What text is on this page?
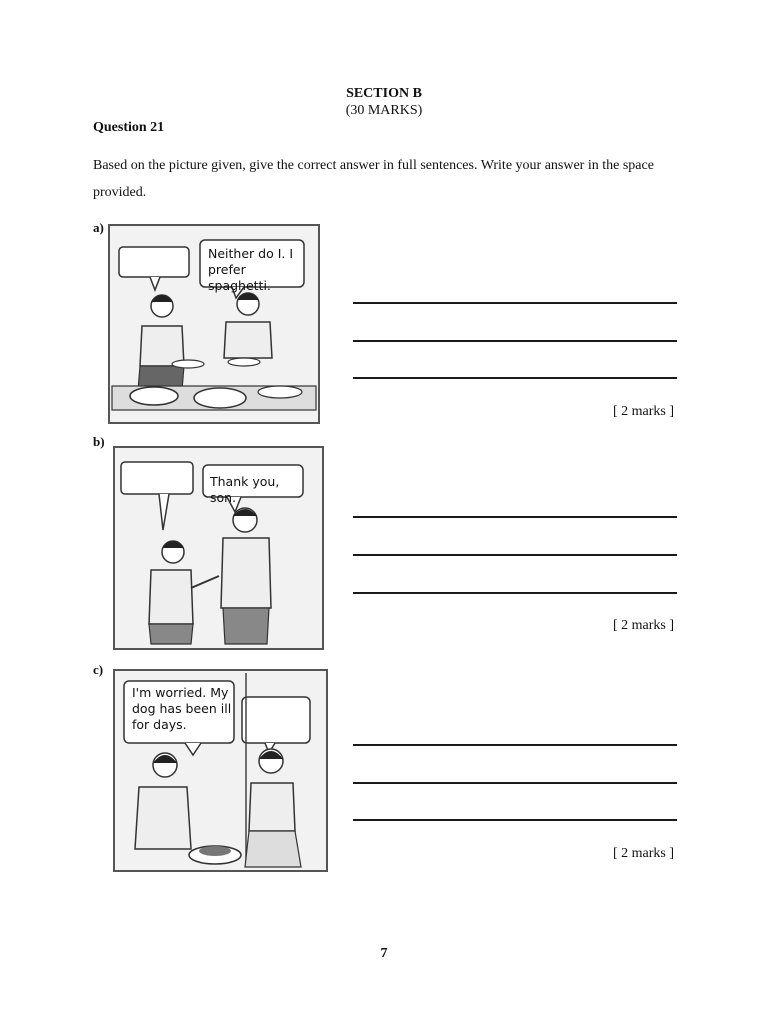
SECTION B
(30 MARKS)
Question 21
Based on the picture given, give the correct answer in full sentences. Write your answer in the space provided.
a)
Neither do I. I
prefer spaghetti.
[ 2 marks ]
b)
Thank you, son.
[ 2 marks ]
c)
I'm worried. My
dog has been ill
for days.
[ 2 marks ]
7
